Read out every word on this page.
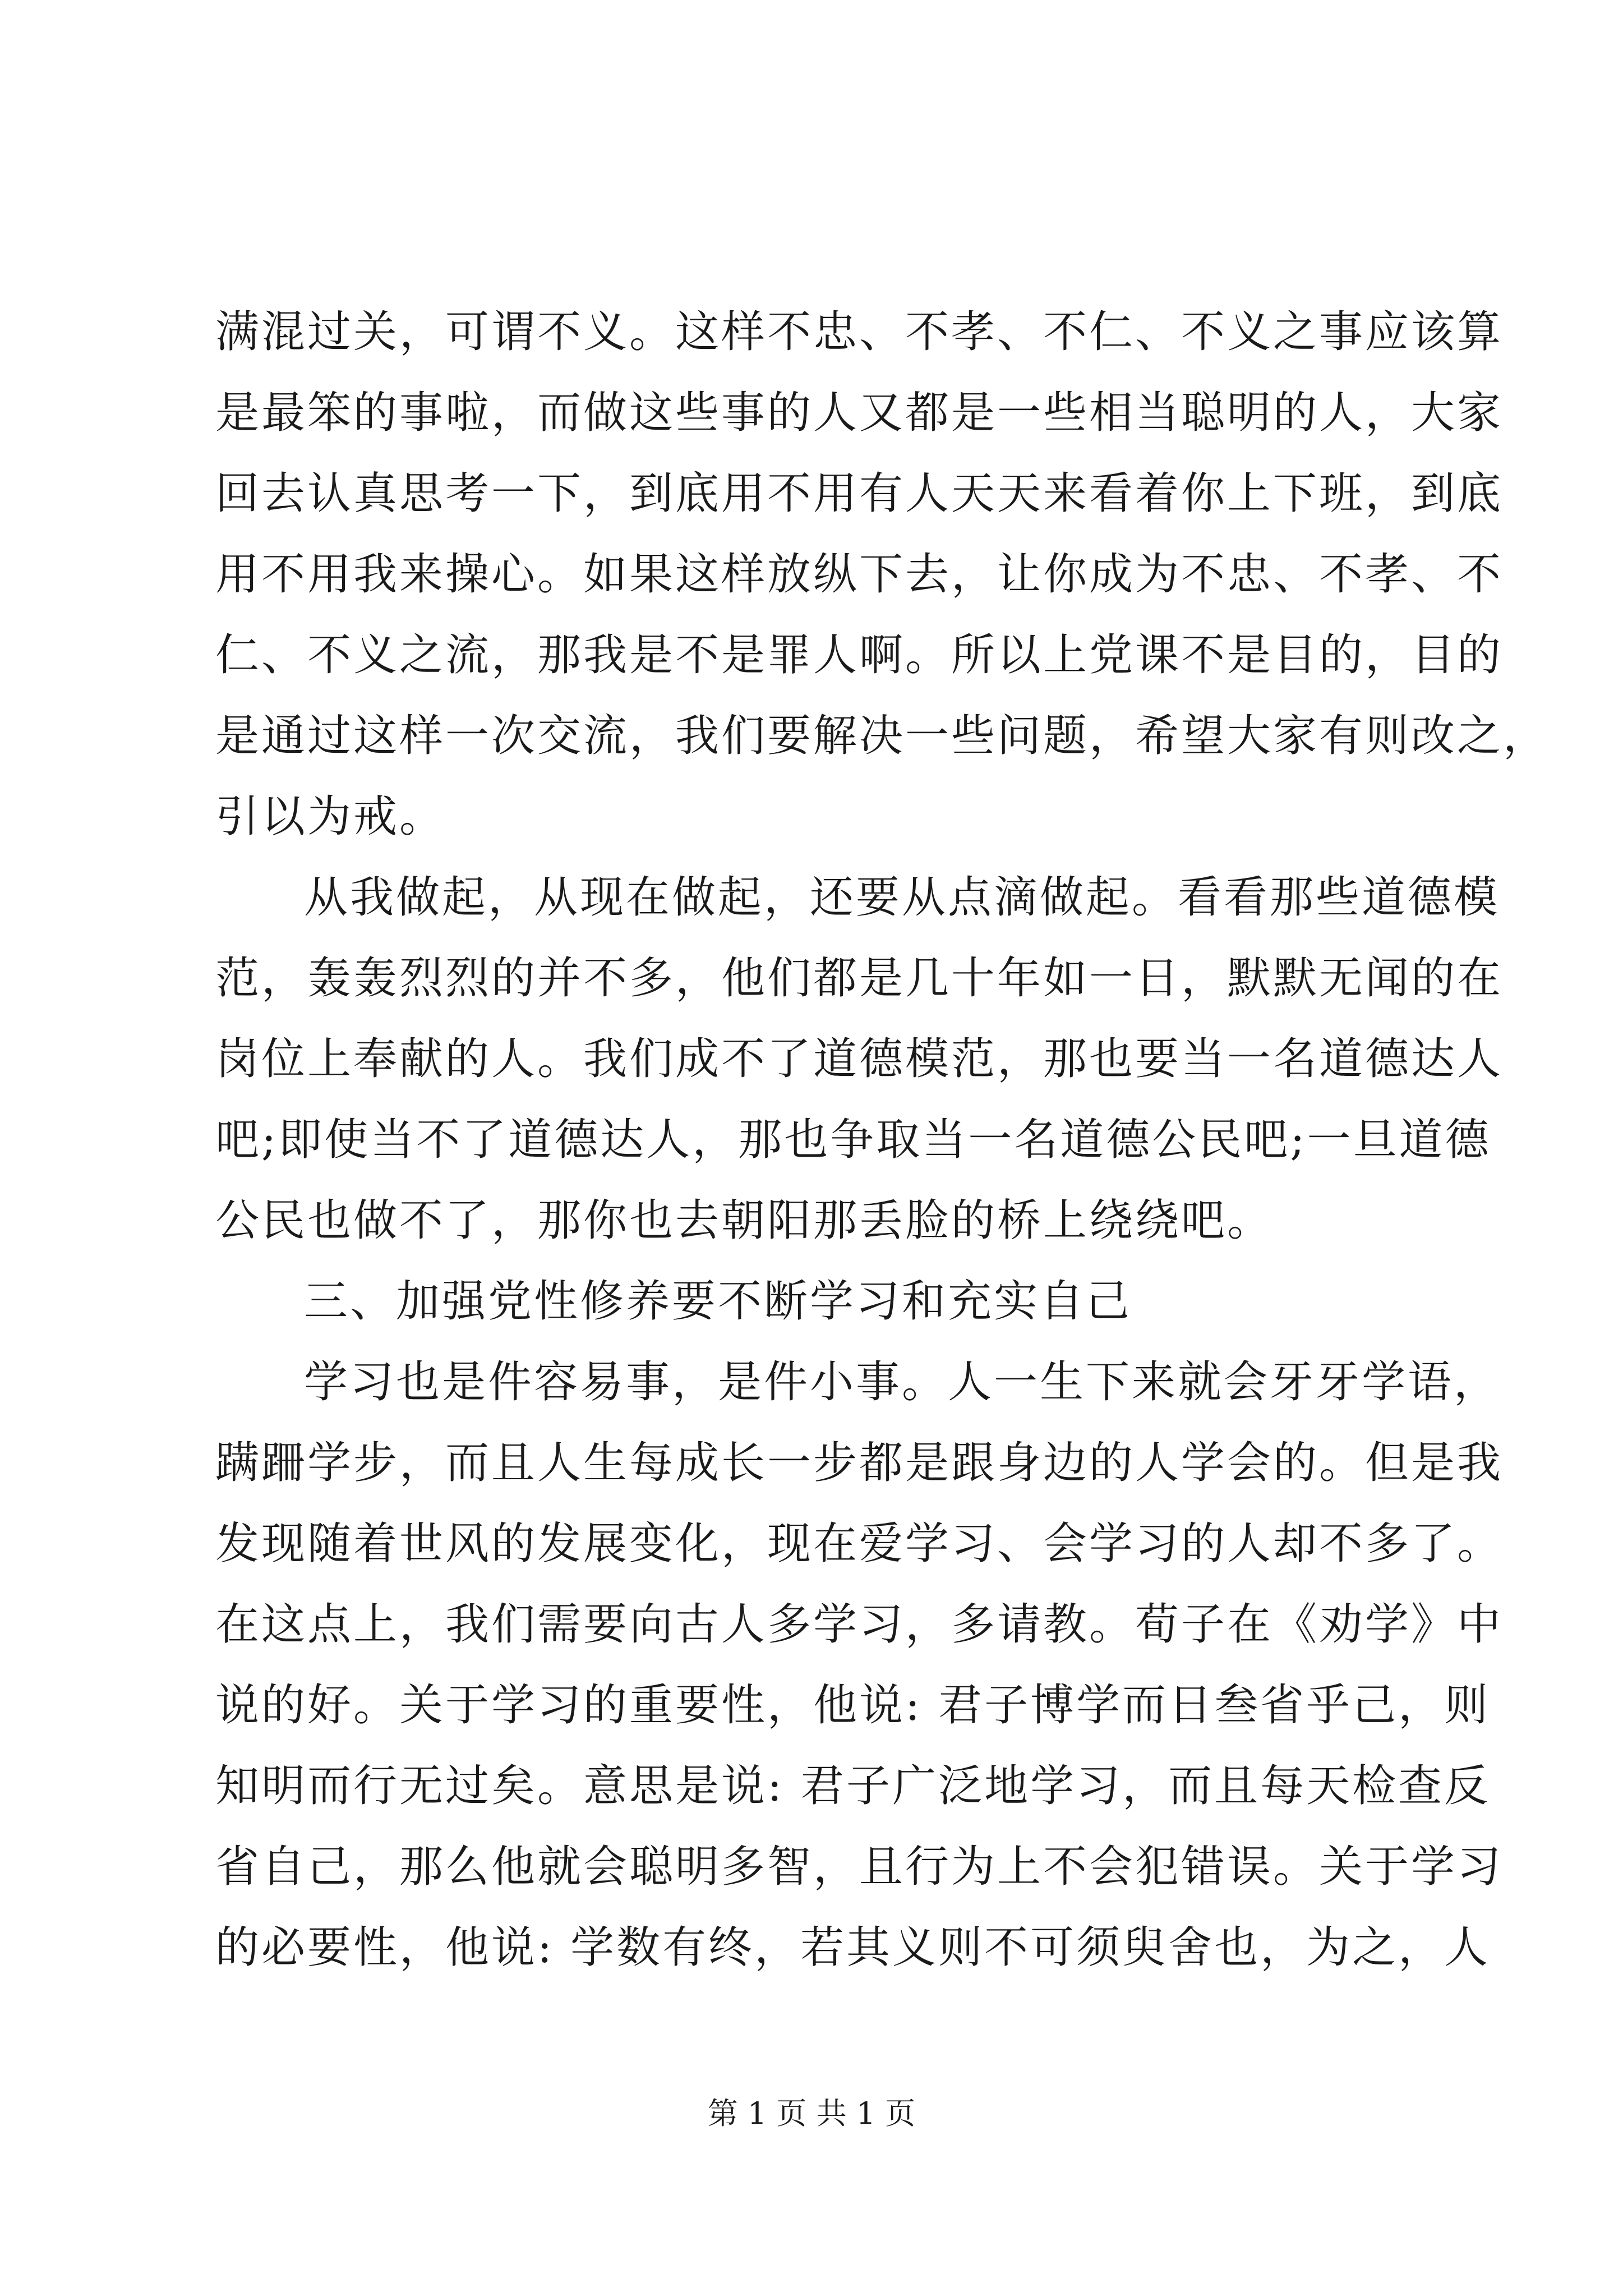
满混过关，可谓不义。这样不忠、不孝、不仁、不义之事应该算
是最笨的事啦，而做这些事的人又都是一些相当聪明的人，大家
回去认真思考一下，到底用不用有人天天来看着你上下班，到底
用不用我来操心。如果这样放纵下去，让你成为不忠、不孝、不
仁、不义之流，那我是不是罪人啊。所以上党课不是目的，目的
是通过这样一次交流，我们要解决一些问题，希望大家有则改之，
引以为戒。
从我做起，从现在做起，还要从点滴做起。看看那些道德模
范，轰轰烈烈的并不多，他们都是几十年如一日，默默无闻的在
岗位上奉献的人。我们成不了道德模范，那也要当一名道德达人
吧;即使当不了道德达人，那也争取当一名道德公民吧;一旦道德
公民也做不了，那你也去朝阳那丢脸的桥上绕绕吧。
三、加强党性修养要不断学习和充实自己
学习也是件容易事，是件小事。人一生下来就会牙牙学语，
蹒跚学步，而且人生每成长一步都是跟身边的人学会的。但是我
发现随着世风的发展变化，现在爱学习、会学习的人却不多了。
在这点上，我们需要向古人多学习，多请教。荀子在《劝学》中
说的好。关于学习的重要性，他说: 君子博学而日叁省乎己，则
知明而行无过矣。意思是说: 君子广泛地学习，而且每天检查反
省自己，那么他就会聪明多智，且行为上不会犯错误。关于学习
的必要性，他说: 学数有终，若其义则不可须臾舍也，为之，人
第 1 页 共 1 页
